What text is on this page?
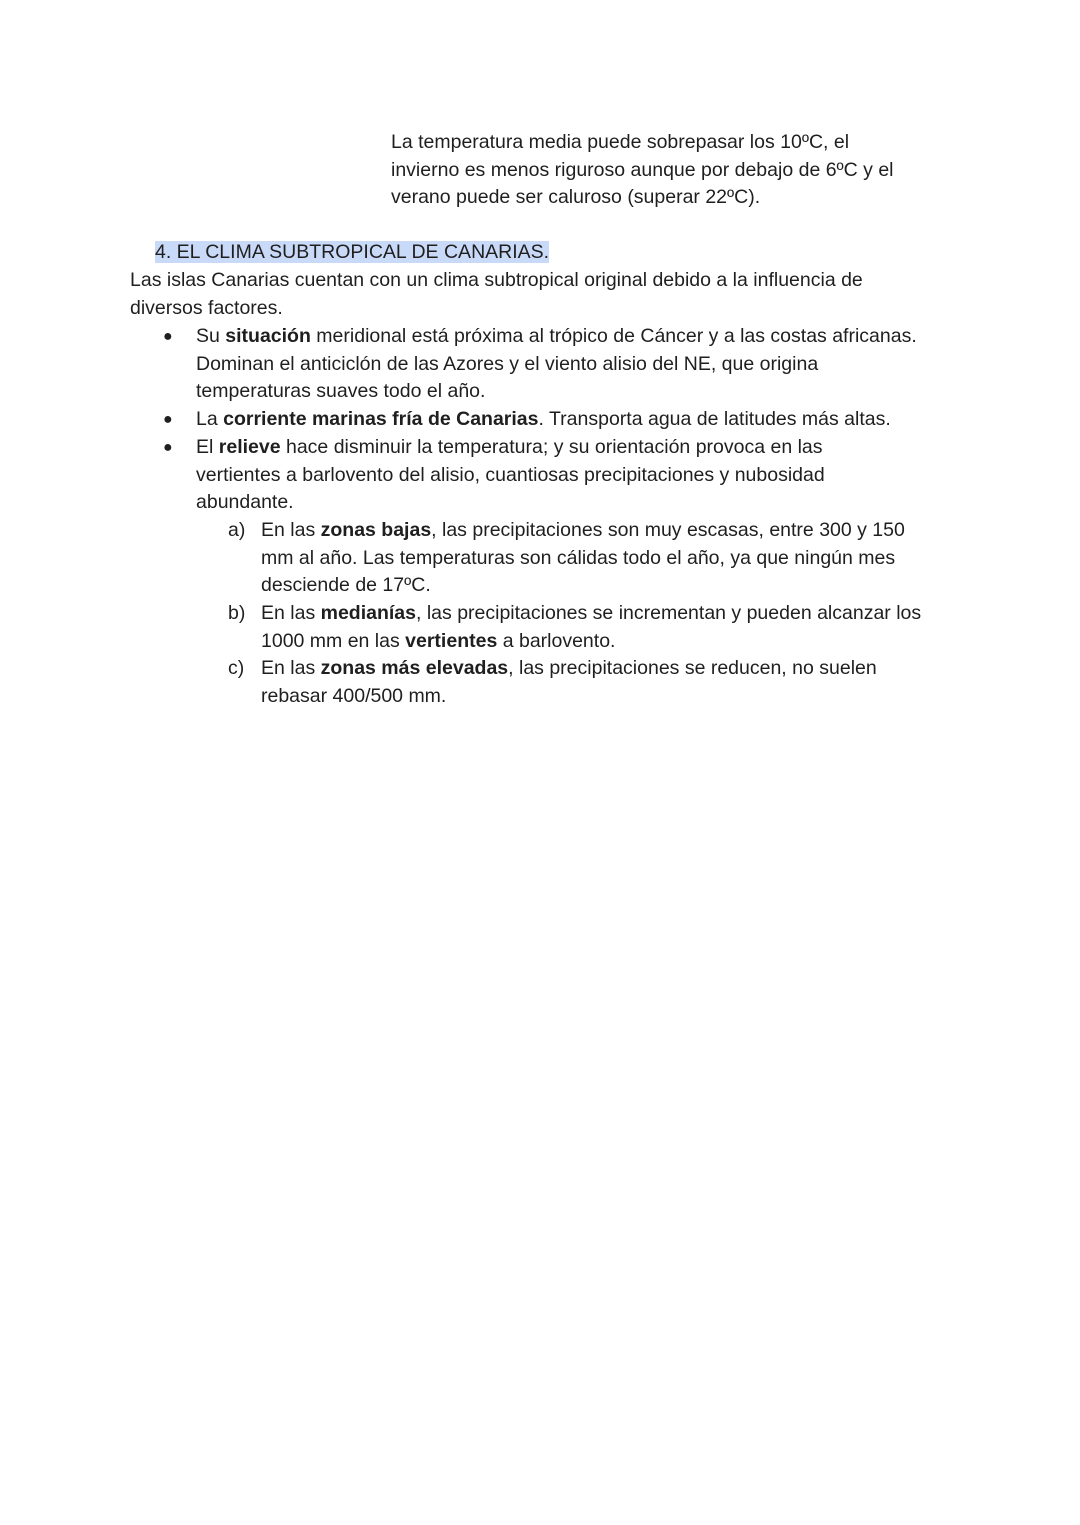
La temperatura media puede sobrepasar los 10ºC, el

invierno es menos riguroso aunque por debajo de 6ºC y el

verano puede ser caluroso (superar 22ºC).

4. EL CLIMA SUBTROPICAL DE CANARIAS.

Las islas Canarias cuentan con un clima subtropical original debido a la influencia de

diversos factores.

● Su situación meridional está próxima al trópico de Cáncer y a las costas africanas.
Dominan el anticiclón de las Azores y el viento alisio del NE, que origina
temperaturas suaves todo el año.
● La corriente marinas fría de Canarias. Transporta agua de latitudes más altas.
● El relieve hace disminuir la temperatura; y su orientación provoca en las
vertientes a barlovento del alisio, cuantiosas precipitaciones y nubosidad
abundante.
a) En las zonas bajas, las precipitaciones son muy escasas, entre 300 y 150
mm al año. Las temperaturas son cálidas todo el año, ya que ningún mes
desciende de 17ºC.
b) En las medianías, las precipitaciones se incrementan y pueden alcanzar los
1000 mm en las vertientes a barlovento.
c) En las zonas más elevadas, las precipitaciones se reducen, no suelen
rebasar 400/500 mm.
